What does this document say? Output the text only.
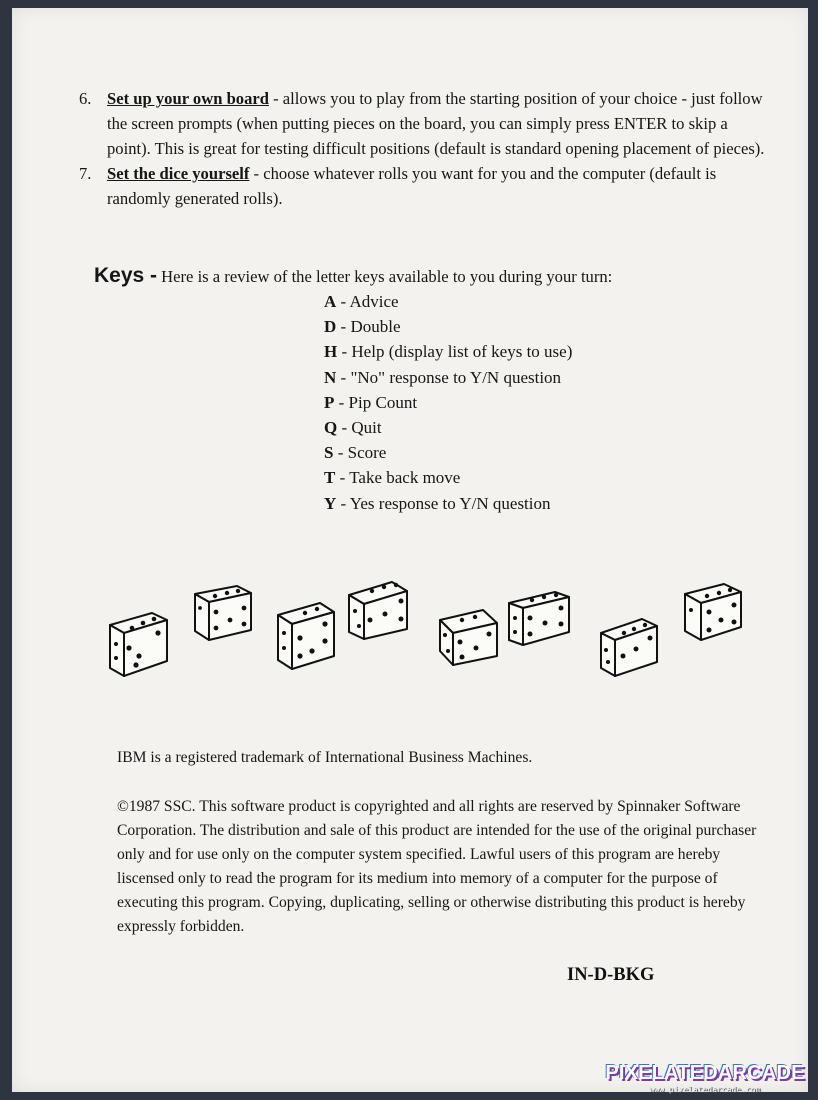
6. Set up your own board - allows you to play from the starting position of your choice - just follow the screen prompts (when putting pieces on the board, you can simply press ENTER to skip a point). This is great for testing difficult positions (default is standard opening placement of pieces).
7. Set the dice yourself - choose whatever rolls you want for you and the computer (default is randomly generated rolls).
Keys - Here is a review of the letter keys available to you during your turn:
A - Advice
D - Double
H - Help (display list of keys to use)
N - "No" response to Y/N question
P - Pip Count
Q - Quit
S - Score
T - Take back move
Y - Yes response to Y/N question
IBM is a registered trademark of International Business Machines.
©1987 SSC. This software product is copyrighted and all rights are reserved by Spinnaker Software Corporation. The distribution and sale of this product are intended for the use of the original purchaser only and for use only on the computer system specified. Lawful users of this program are hereby liscensed only to read the program for its medium into memory of a computer for the purpose of executing this program. Copying, duplicating, selling or otherwise distributing this product is hereby expressly forbidden.
IN-D-BKG
PIXELATEDARCADE
www.pixelatedarcade.com
